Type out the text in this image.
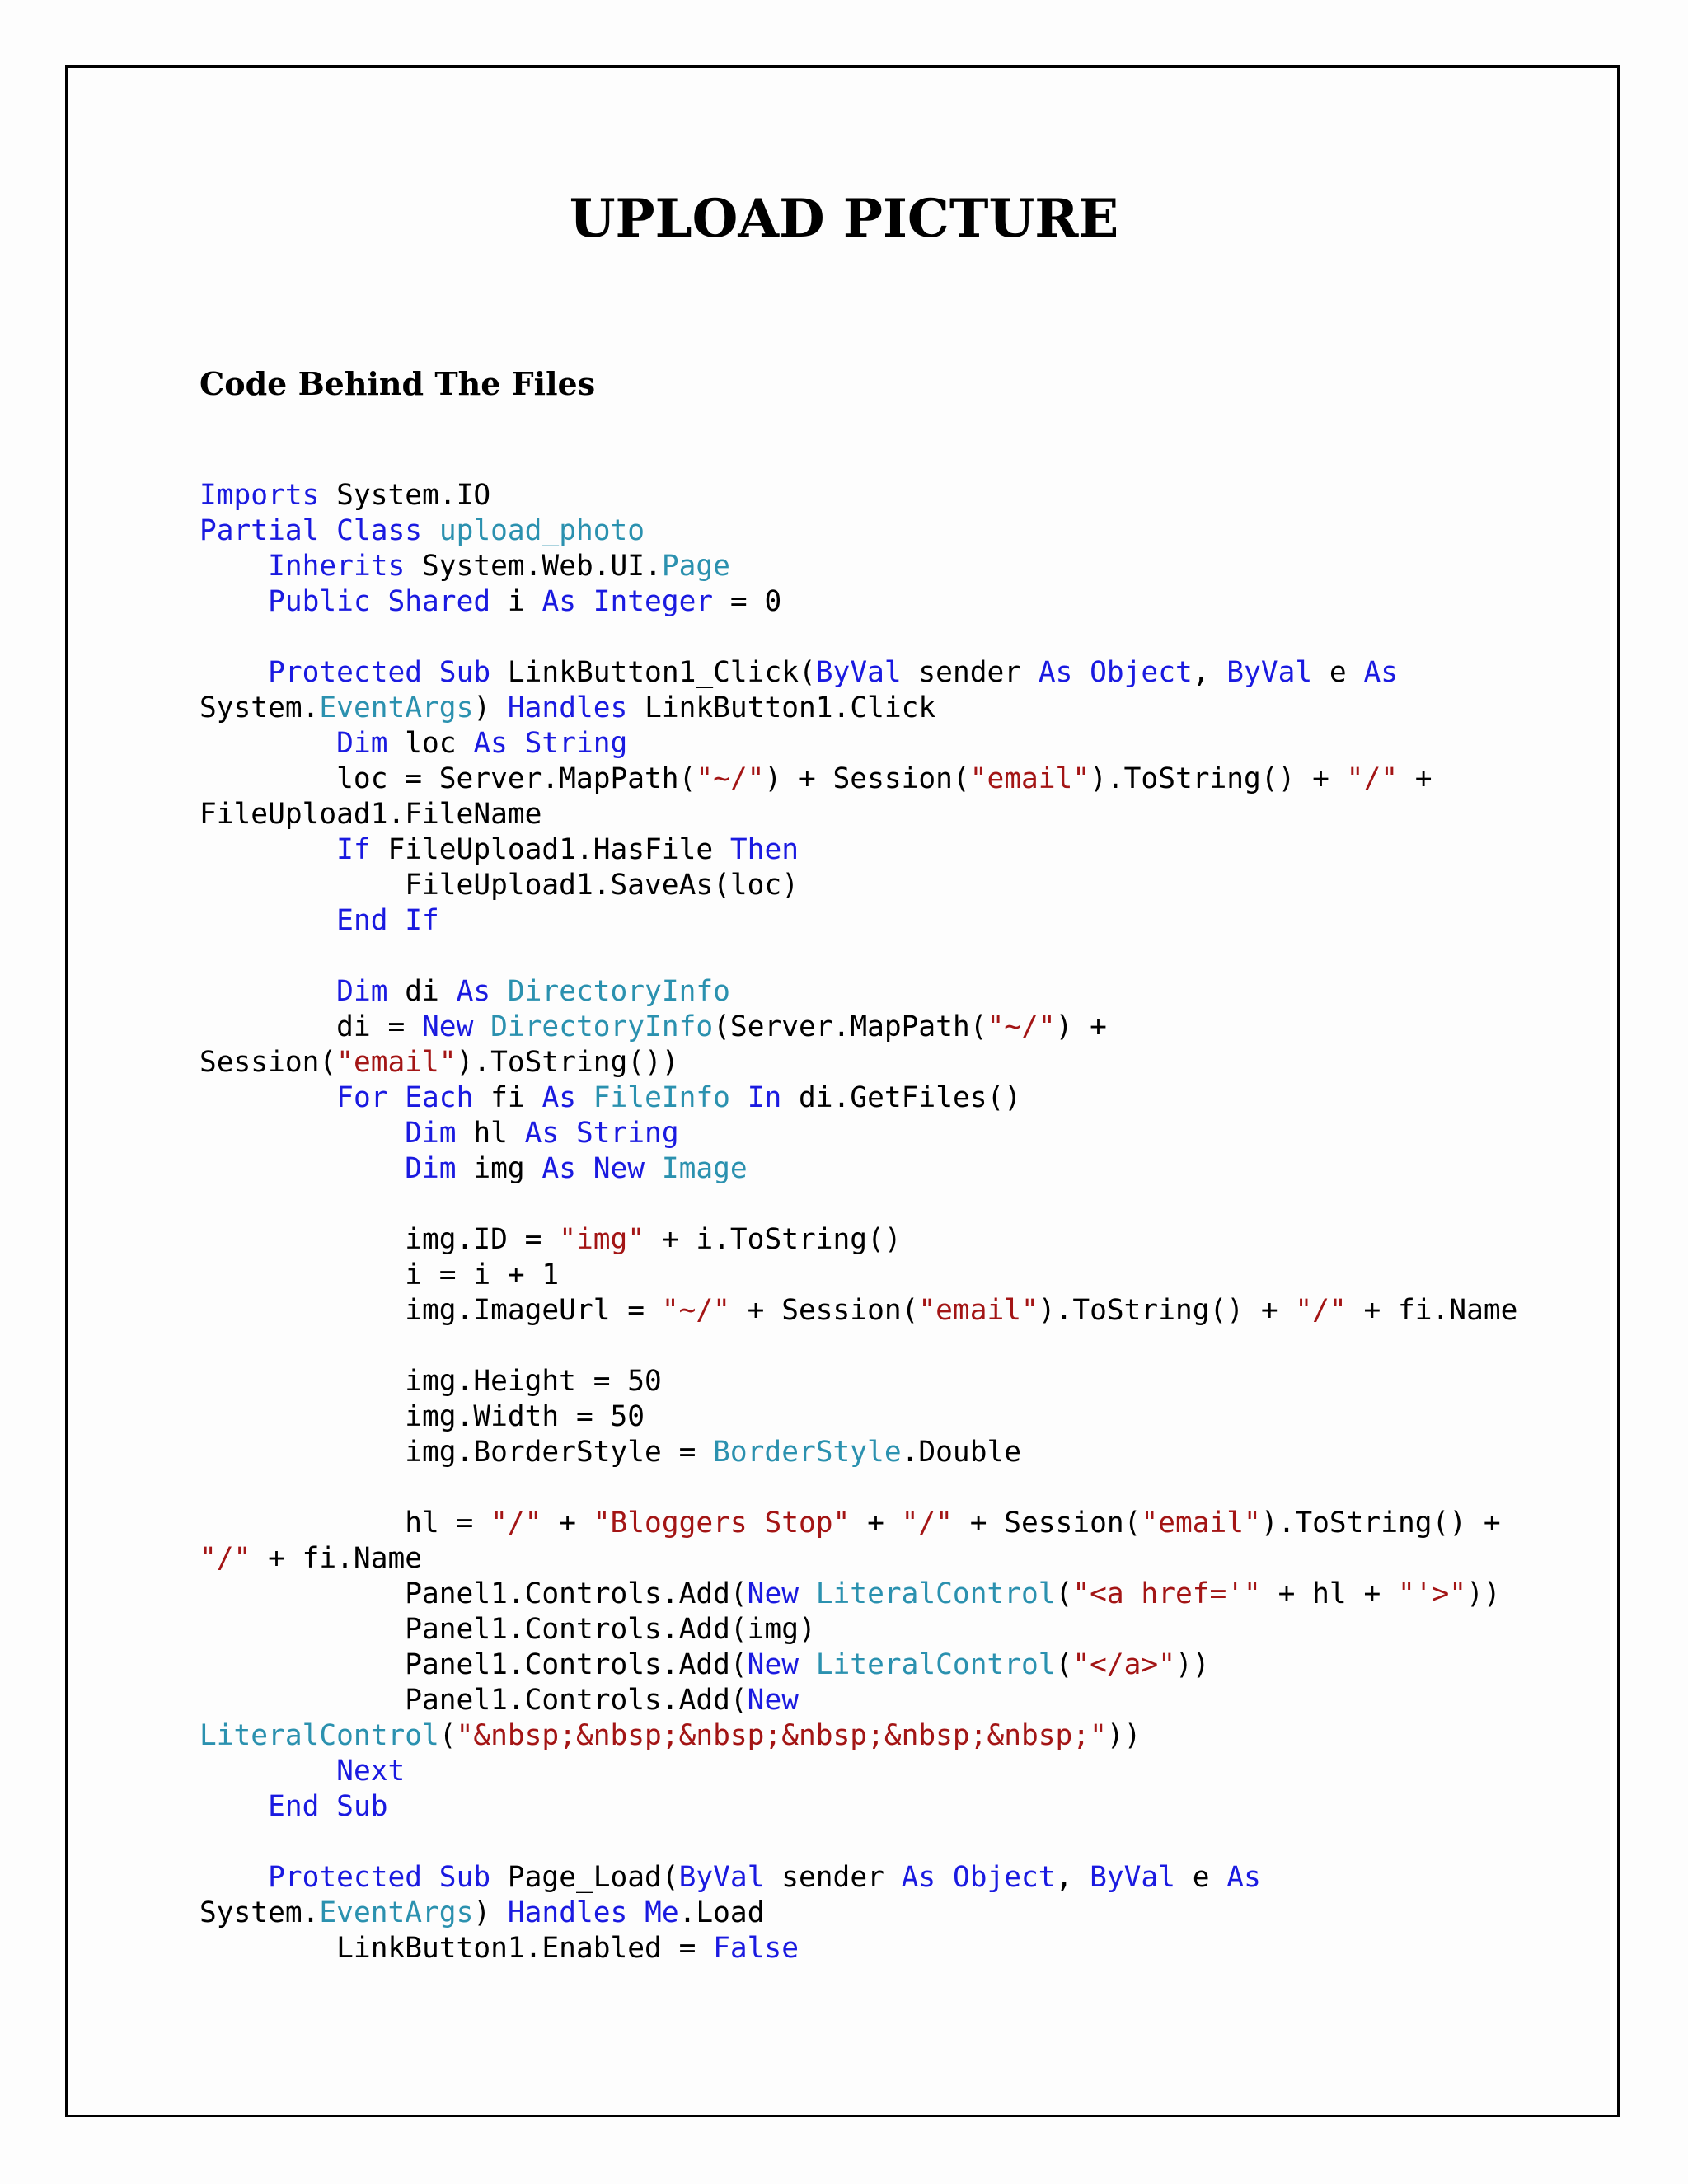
UPLOAD PICTURE
Code Behind The Files
Imports System.IO
Partial Class upload_photo
Inherits System.Web.UI.Page
Public Shared i As Integer = 0
Protected Sub LinkButton1_Click(ByVal sender As Object, ByVal e As
System.EventArgs) Handles LinkButton1.Click
Dim loc As String
loc = Server.MapPath("~/") + Session("email").ToString() + "/" +
FileUpload1.FileName
If FileUpload1.HasFile Then
FileUpload1.SaveAs(loc)
End If
Dim di As DirectoryInfo
di = New DirectoryInfo(Server.MapPath("~/") +
Session("email").ToString())
For Each fi As FileInfo In di.GetFiles()
Dim hl As String
Dim img As New Image
img.ID = "img" + i.ToString()
i = i + 1
img.ImageUrl = "~/" + Session("email").ToString() + "/" + fi.Name
img.Height = 50
img.Width = 50
img.BorderStyle = BorderStyle.Double
hl = "/" + "Bloggers Stop" + "/" + Session("email").ToString() +
"/" + fi.Name
Panel1.Controls.Add(New LiteralControl("<a href='" + hl + "'>"))
Panel1.Controls.Add(img)
Panel1.Controls.Add(New LiteralControl("</a>"))
Panel1.Controls.Add(New
LiteralControl("&nbsp;&nbsp;&nbsp;&nbsp;&nbsp;&nbsp;"))
Next
End Sub
Protected Sub Page_Load(ByVal sender As Object, ByVal e As
System.EventArgs) Handles Me.Load
LinkButton1.Enabled = False
